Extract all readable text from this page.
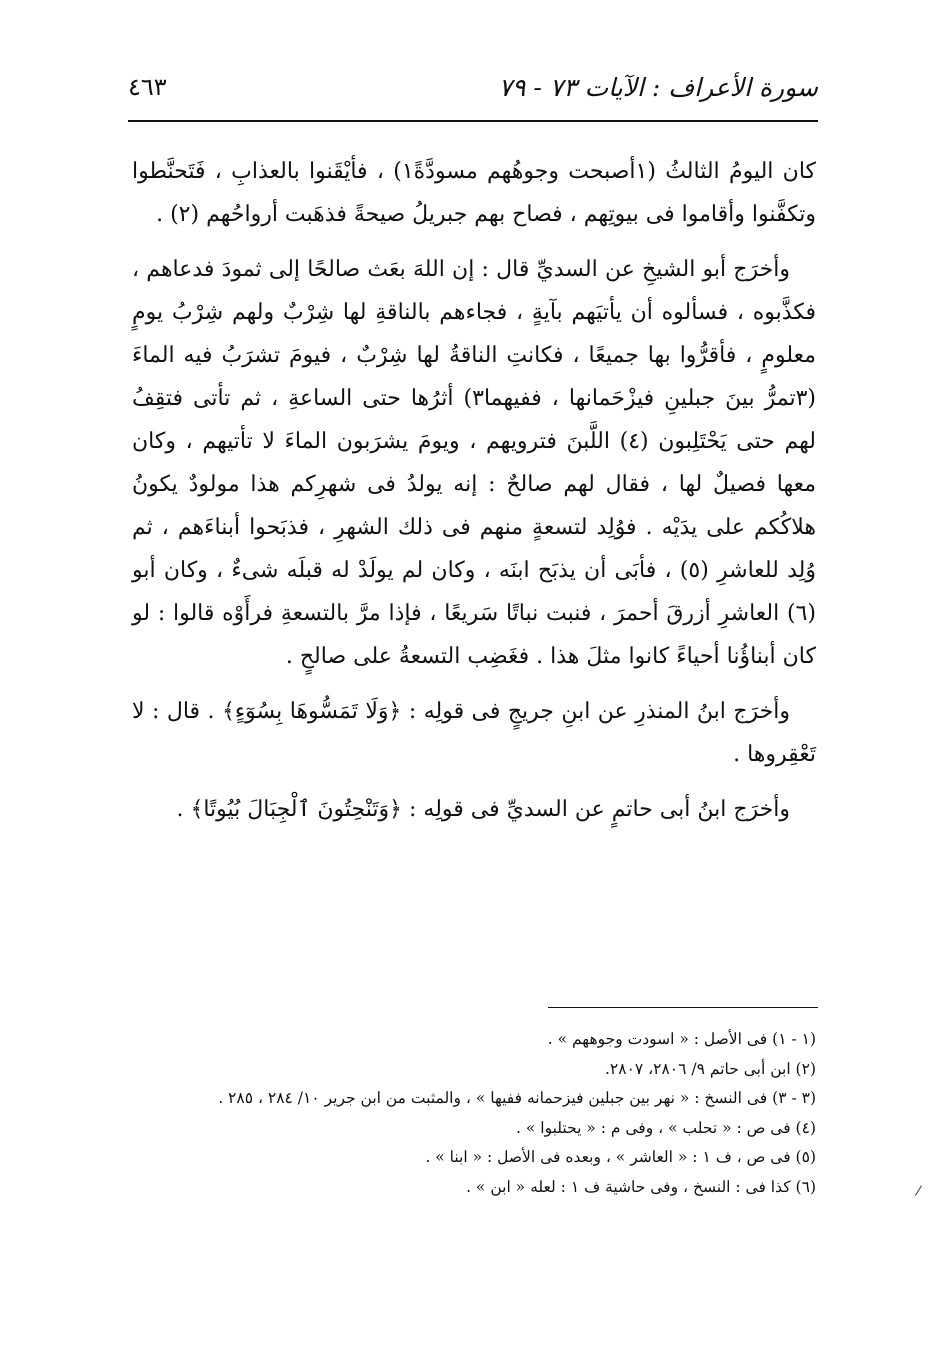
٤٦٣	سورة الأعراف : الآيات ٧٣ - ٧٩

كان اليومُ الثالثُ (١أصبحت وجوهُهم مسودَّةً١) ، فأيْقَنوا بالعذابِ ، فَتَحنَّطوا وتكفَّنوا وأقاموا فى بيوتِهم ، فصاح بهم جبريلُ صيحةً فذهَبت أرواحُهم (٢) .

وأخرَج أبو الشيخِ عن السديِّ قال : إن اللهَ بعَث صالحًا إلى ثمودَ فدعاهم ، فكذَّبوه ، فسألوه أن يأتيَهم بآيةٍ ، فجاءهم بالناقةِ لها شِرْبٌ ولهم شِرْبُ يومٍ معلومٍ ، فأقرُّوا بها جميعًا ، فكانتِ الناقةُ لها شِرْبٌ ، فيومَ تشرَبُ فيه الماءَ (٣تمرُّ بينَ جبلينِ فيزْحَمانها ، ففيهما٣) أثرُها حتى الساعةِ ، ثم تأتى فتقِفُ لهم حتى يَحْتَلِبون (٤) اللَّبنَ فترويهم ، ويومَ يشرَبون الماءَ لا تأتيهم ، وكان معها فصيلٌ لها ، فقال لهم صالحٌ : إنه يولدُ فى شهرِكم هذا مولودٌ يكونُ هلاكُكم على يدَيْه . فوُلِد لتسعةٍ منهم فى ذلك الشهرِ ، فذبَحوا أبناءَهم ، ثم وُلِد للعاشرِ (٥) ، فأبَى أن يذبَح ابنَه ، وكان لم يولَدْ له قبلَه شىءٌ ، وكان أبو (٦) العاشرِ أزرقَ أحمرَ ، فنبت نباتًا سَريعًا ، فإذا مرَّ بالتسعةِ فرأَوْه قالوا : لو كان أبناؤُنا أحياءً كانوا مثلَ هذا . فغَضِب التسعةُ على صالحٍ .

وأخرَج ابنُ المنذرِ عن ابنِ جريجٍ فى قولِه : ﴿وَلَا تَمَسُّوهَا بِسُوٓءٍ﴾ . قال : لا تَعْقِروها .

وأخرَج ابنُ أبى حاتمٍ عن السديِّ فى قولِه : ﴿وَتَنْحِتُونَ ٱلْجِبَالَ بُيُوتًا﴾ .

(١ - ١) فى الأصل : « اسودت وجوههم » .
(٢) ابن أبى حاتم ٩/ ٢٨٠٦، ٢٨٠٧.
(٣ - ٣) فى النسخ : « نهر بين جبلين فيزحمانه ففيها » ، والمثبت من ابن جرير ١٠/ ٢٨٤ ، ٢٨٥ .
(٤) فى ص : « تحلب » ، وفى م : « يحتلبوا » .
(٥) فى ص ، ف ١ : « العاشر » ، وبعده فى الأصل : « ابنا » .
(٦) كذا فى : النسخ ، وفى حاشية ف ١ : لعله « ابن » .	/
